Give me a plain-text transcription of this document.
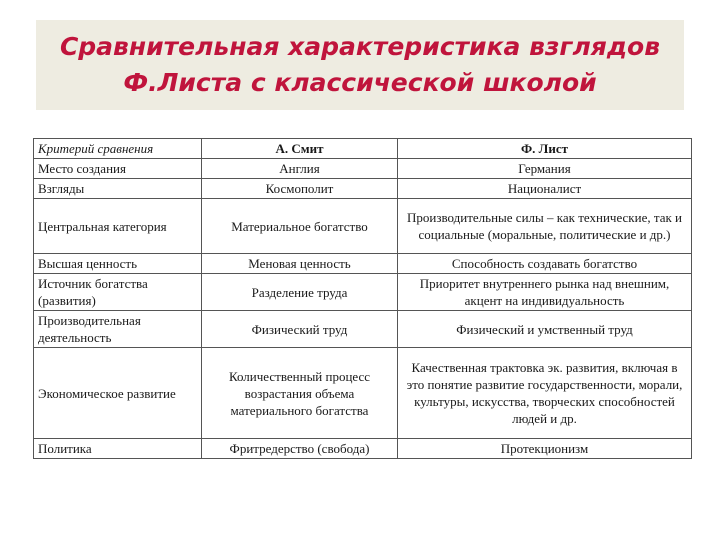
Сравнительная характеристика взглядов
Ф.Листа с классической школой
Критерий сравнения	А. Смит	Ф. Лист
Место создания	Англия	Германия
Взгляды	Космополит	Националист
Центральная категория	Материальное богатство	Производительные силы – как технические, так и социальные (моральные, политические и др.)
Высшая ценность	Меновая ценность	Способность создавать богатство
Источник богатства (развития)	Разделение труда	Приоритет внутреннего рынка над внешним, акцент на индивидуальность
Производительная деятельность	Физический труд	Физический и умственный труд
Экономическое развитие	Количественный процесс возрастания объема материального богатства	Качественная трактовка эк. развития, включая в это понятие развитие государственности, морали, культуры, искусства, творческих способностей людей и др.
Политика	Фритредерство (свобода)	Протекционизм
